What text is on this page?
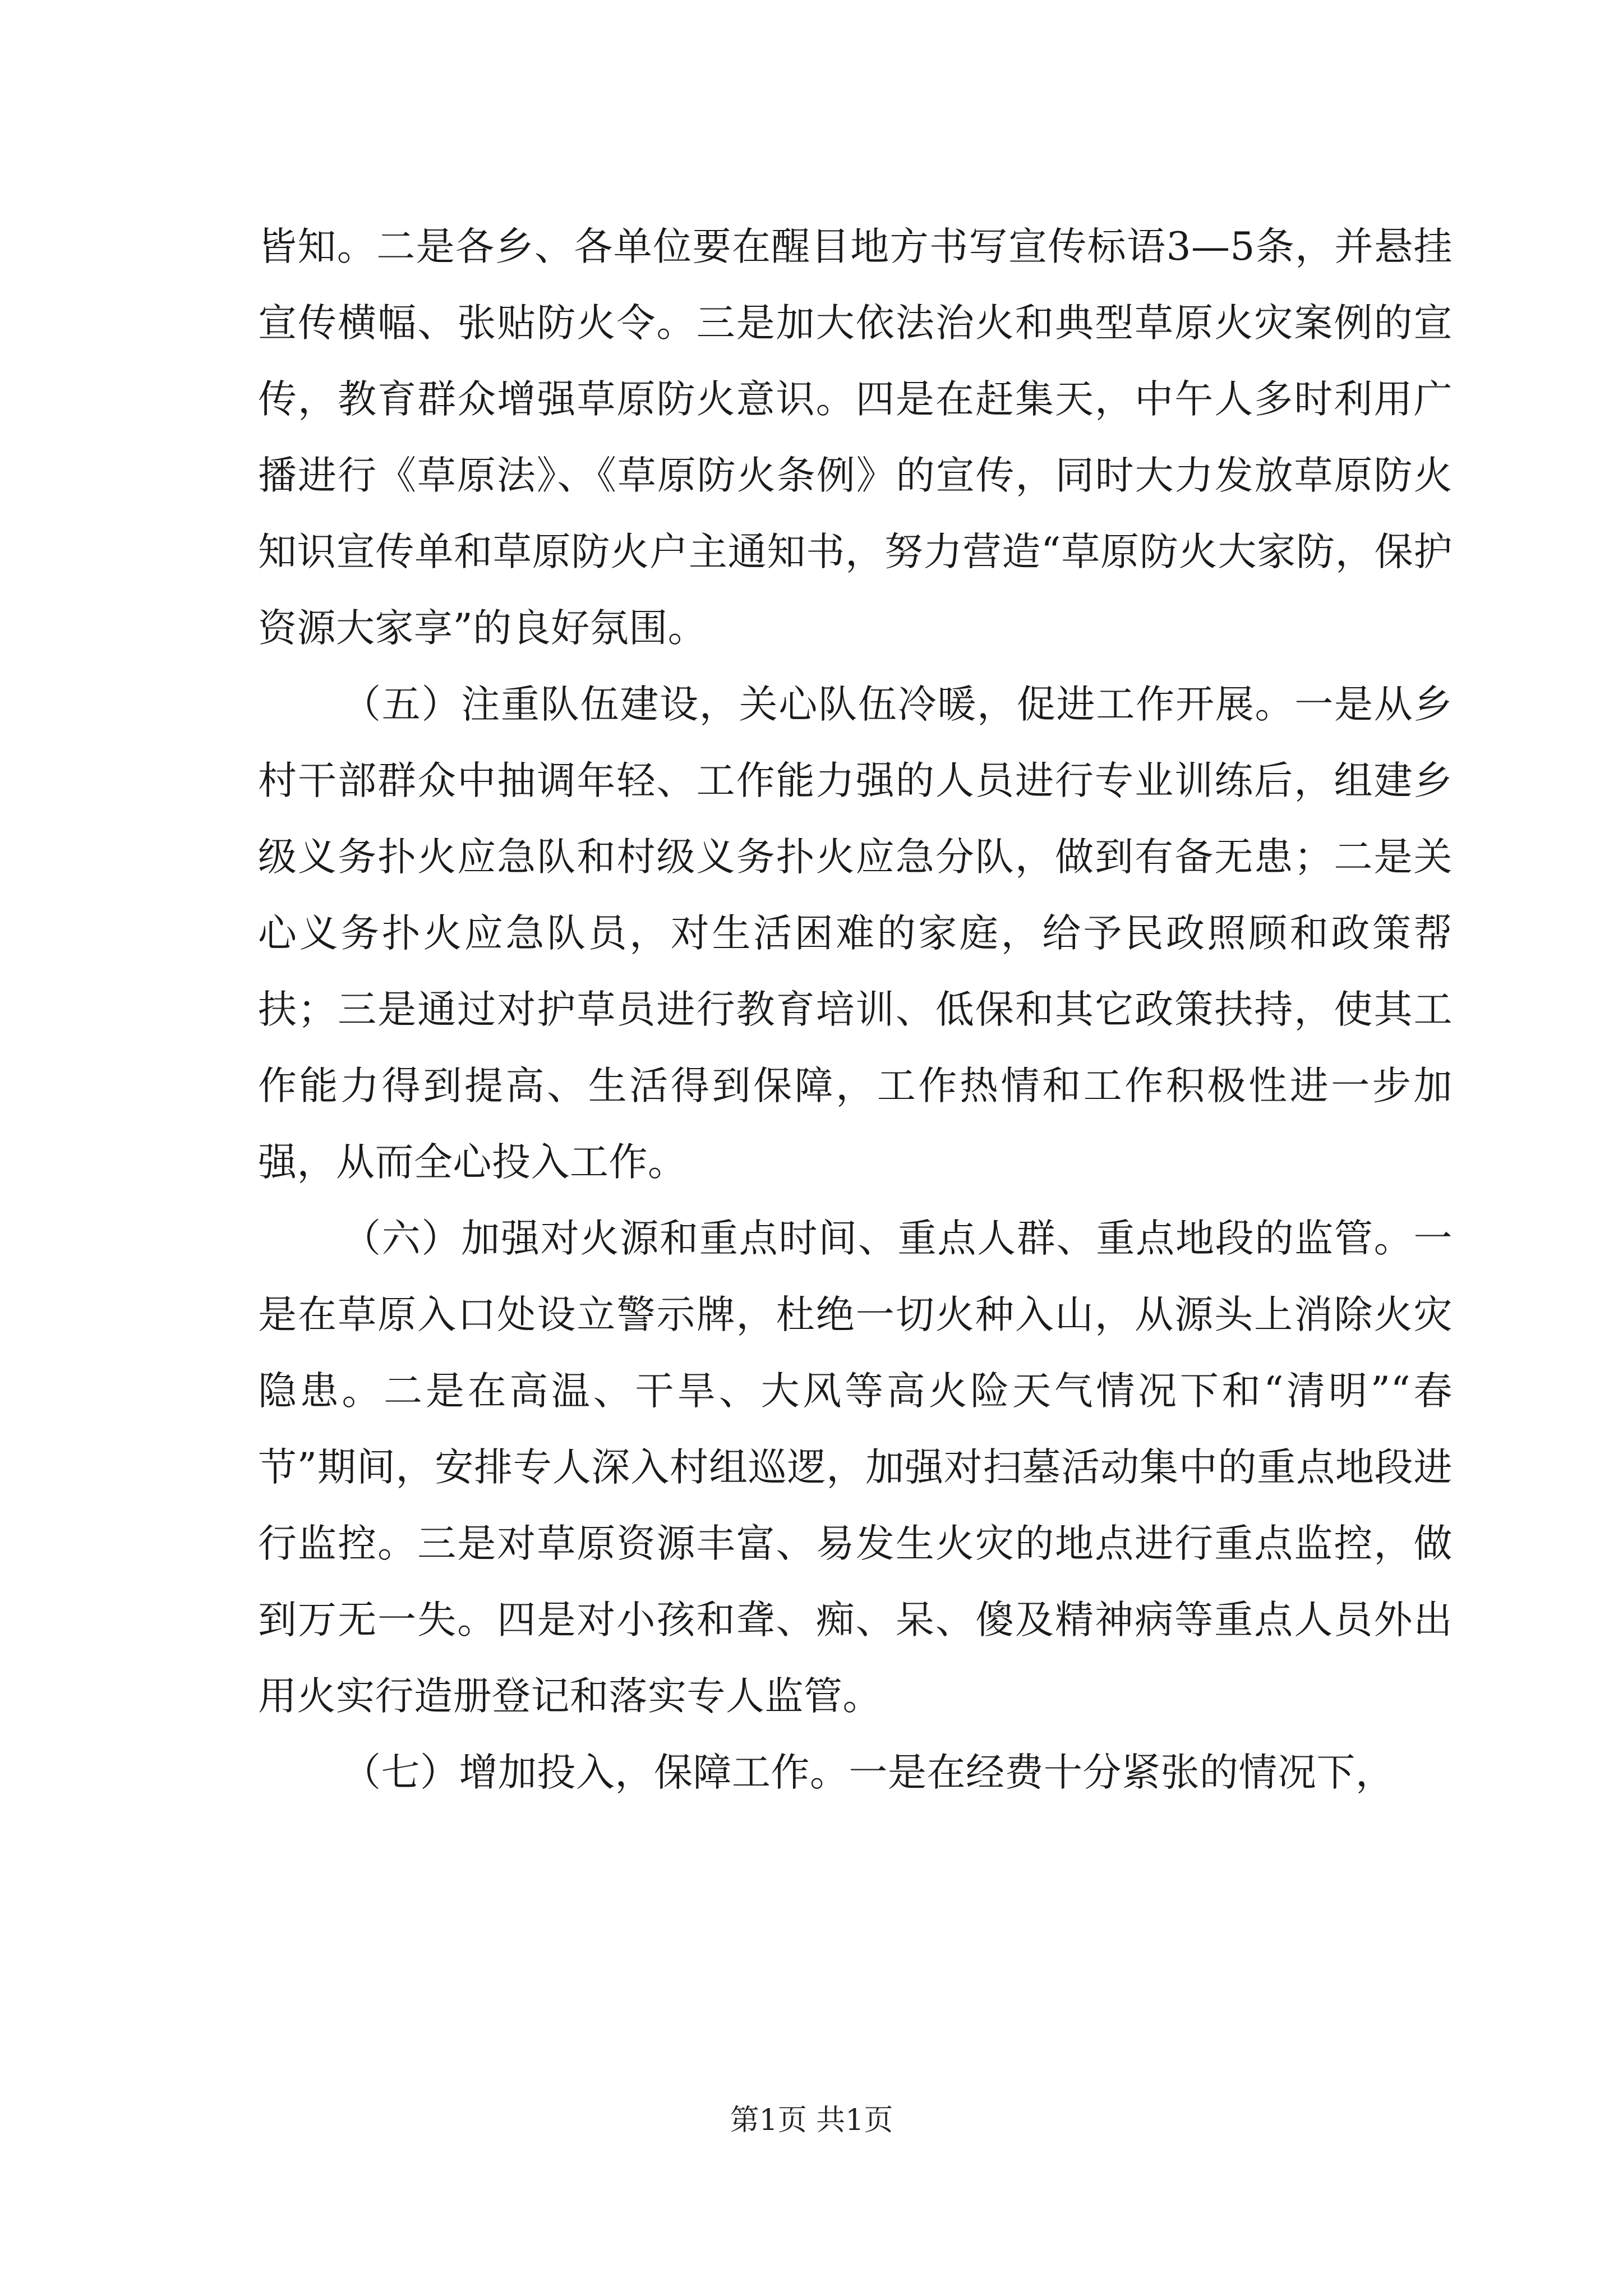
皆知。二是各乡、各单位要在醒目地方书写宣传标语3—5条，并悬挂宣传横幅、张贴防火令。三是加大依法治火和典型草原火灾案例的宣传，教育群众增强草原防火意识。四是在赶集天，中午人多时利用广播进行《草原法》、《草原防火条例》的宣传，同时大力发放草原防火知识宣传单和草原防火户主通知书，努力营造“草原防火大家防，保护资源大家享”的良好氛围。

（五）注重队伍建设，关心队伍冷暖，促进工作开展。一是从乡村干部群众中抽调年轻、工作能力强的人员进行专业训练后，组建乡级义务扑火应急队和村级义务扑火应急分队，做到有备无患；二是关心义务扑火应急队员，对生活困难的家庭，给予民政照顾和政策帮扶；三是通过对护草员进行教育培训、低保和其它政策扶持，使其工作能力得到提高、生活得到保障，工作热情和工作积极性进一步加强，从而全心投入工作。

（六）加强对火源和重点时间、重点人群、重点地段的监管。一是在草原入口处设立警示牌，杜绝一切火种入山，从源头上消除火灾隐患。二是在高温、干旱、大风等高火险天气情况下和“清明”“春节”期间，安排专人深入村组巡逻，加强对扫墓活动集中的重点地段进行监控。三是对草原资源丰富、易发生火灾的地点进行重点监控，做到万无一失。四是对小孩和聋、痴、呆、傻及精神病等重点人员外出用火实行造册登记和落实专人监管。

（七）增加投入，保障工作。一是在经费十分紧张的情况下，

第1页 共1页
